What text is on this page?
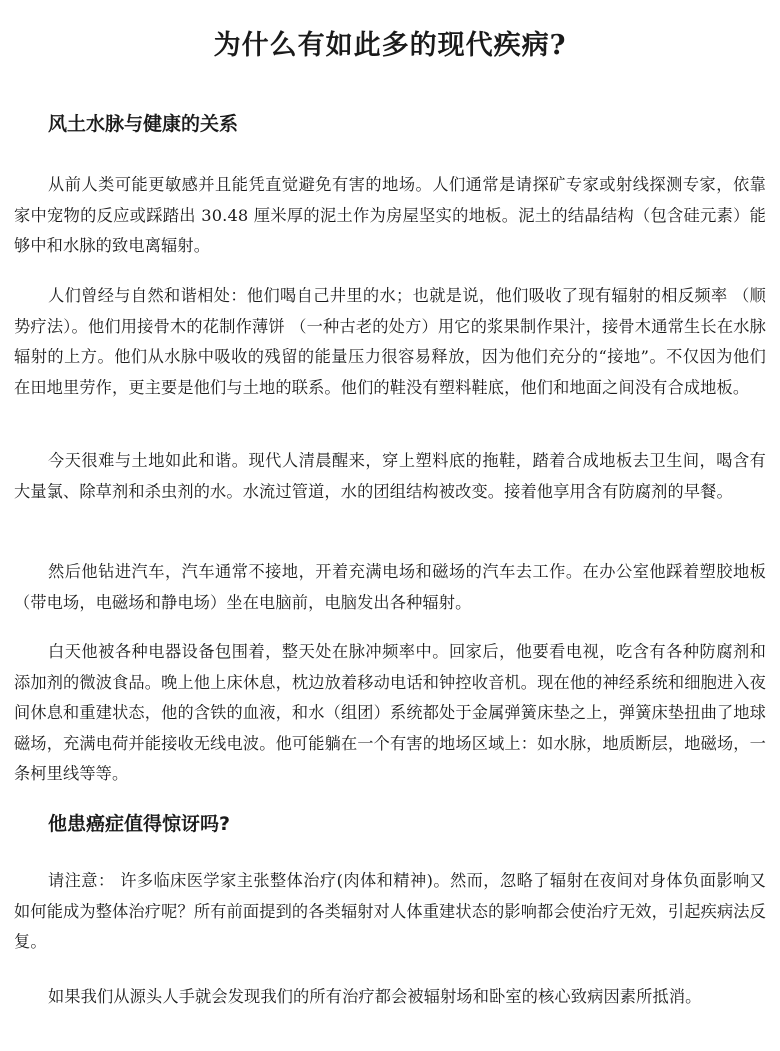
为什么有如此多的现代疾病?
风土水脉与健康的关系

从前人类可能更敏感并且能凭直觉避免有害的地场。人们通常是请探矿专家或射线探测专家，依靠家中宠物的反应或踩踏出 30.48 厘米厚的泥土作为房屋坚实的地板。泥土的结晶结构（包含硅元素）能够中和水脉的致电离辐射。

人们曾经与自然和谐相处：他们喝自己井里的水；也就是说，他们吸收了现有辐射的相反频率 （顺势疗法）。他们用接骨木的花制作薄饼 （一种古老的处方）用它的浆果制作果汁，接骨木通常生长在水脉辐射的上方。他们从水脉中吸收的残留的能量压力很容易释放，因为他们充分的“接地”。不仅因为他们在田地里劳作，更主要是他们与土地的联系。他们的鞋没有塑料鞋底，他们和地面之间没有合成地板。

今天很难与土地如此和谐。现代人清晨醒来，穿上塑料底的拖鞋，踏着合成地板去卫生间，喝含有大量氯、除草剂和杀虫剂的水。水流过管道，水的团组结构被改变。接着他享用含有防腐剂的早餐。

然后他钻进汽车，汽车通常不接地，开着充满电场和磁场的汽车去工作。在办公室他踩着塑胶地板（带电场，电磁场和静电场）坐在电脑前，电脑发出各种辐射。

白天他被各种电器设备包围着，整天处在脉冲频率中。回家后，他要看电视，吃含有各种防腐剂和添加剂的微波食品。晚上他上床休息，枕边放着移动电话和钟控收音机。现在他的神经系统和细胞进入夜间休息和重建状态，他的含铁的血液，和水（组团）系统都处于金属弹簧床垫之上，弹簧床垫扭曲了地球磁场，充满电荷并能接收无线电波。他可能躺在一个有害的地场区域上：如水脉，地质断层，地磁场，一条柯里线等等。

他患癌症值得惊讶吗?

请注意： 许多临床医学家主张整体治疗(肉体和精神)。然而，忽略了辐射在夜间对身体负面影响又如何能成为整体治疗呢？所有前面提到的各类辐射对人体重建状态的影响都会使治疗无效，引起疾病法反复。

如果我们从源头人手就会发现我们的所有治疗都会被辐射场和卧室的核心致病因素所抵消。
